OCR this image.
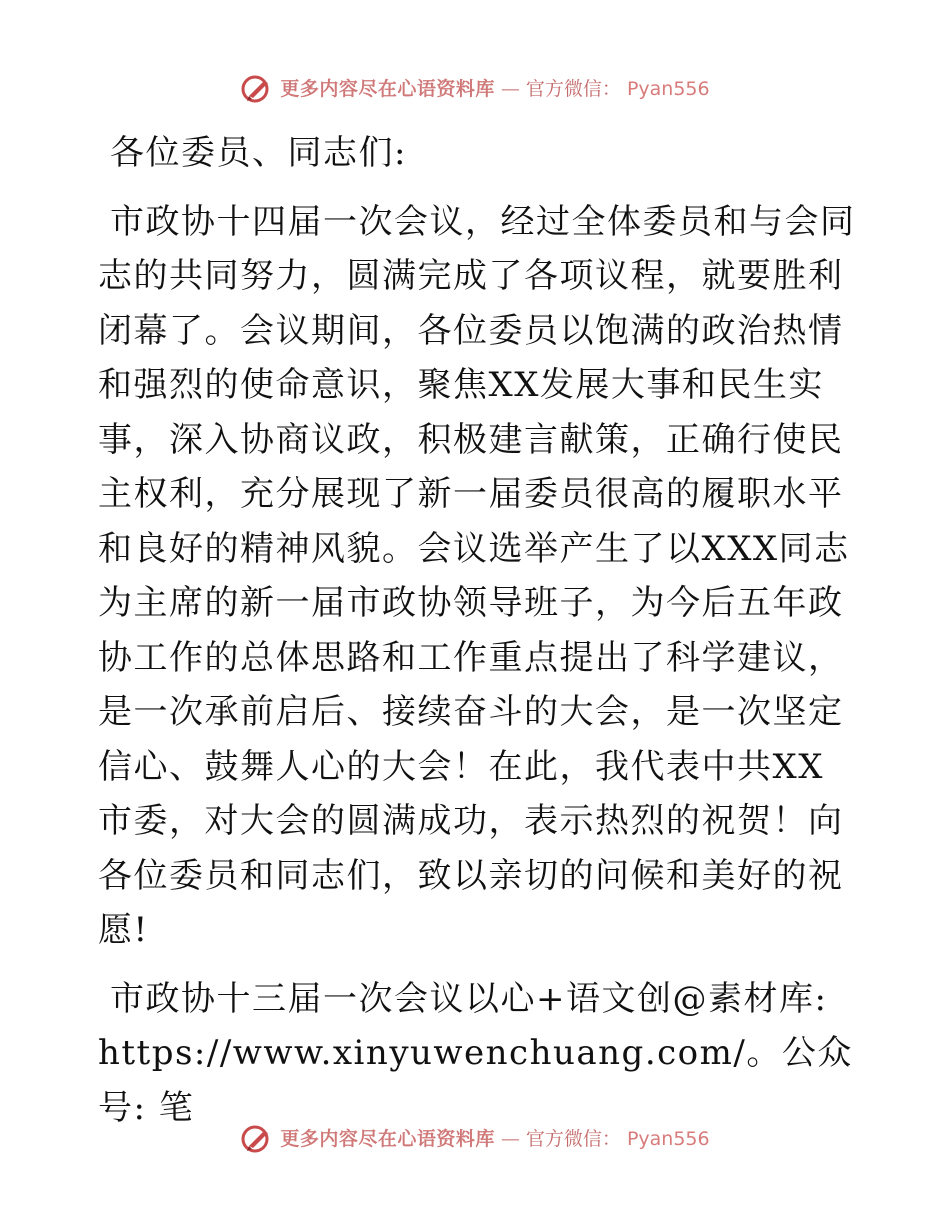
更多内容尽在心语资料库 — 官方微信： Pyan556

各位委员、同志们:

市政协十四届一次会议，经过全体委员和与会同志的共同努力，圆满完成了各项议程，就要胜利闭幕了。会议期间，各位委员以饱满的政治热情和强烈的使命意识，聚焦XX发展大事和民生实事，深入协商议政，积极建言献策，正确行使民主权利，充分展现了新一届委员很高的履职水平和良好的精神风貌。会议选举产生了以XXX同志为主席的新一届市政协领导班子，为今后五年政协工作的总体思路和工作重点提出了科学建议，是一次承前启后、接续奋斗的大会，是一次坚定信心、鼓舞人心的大会！在此，我代表中共XX市委，对大会的圆满成功，表示热烈的祝贺！向各位委员和同志们，致以亲切的问候和美好的祝愿!

市政协十三届一次会议以心+语文创@素材库: https://www.xinyuwenchuang.com/。公众号: 笔

更多内容尽在心语资料库 — 官方微信： Pyan556
